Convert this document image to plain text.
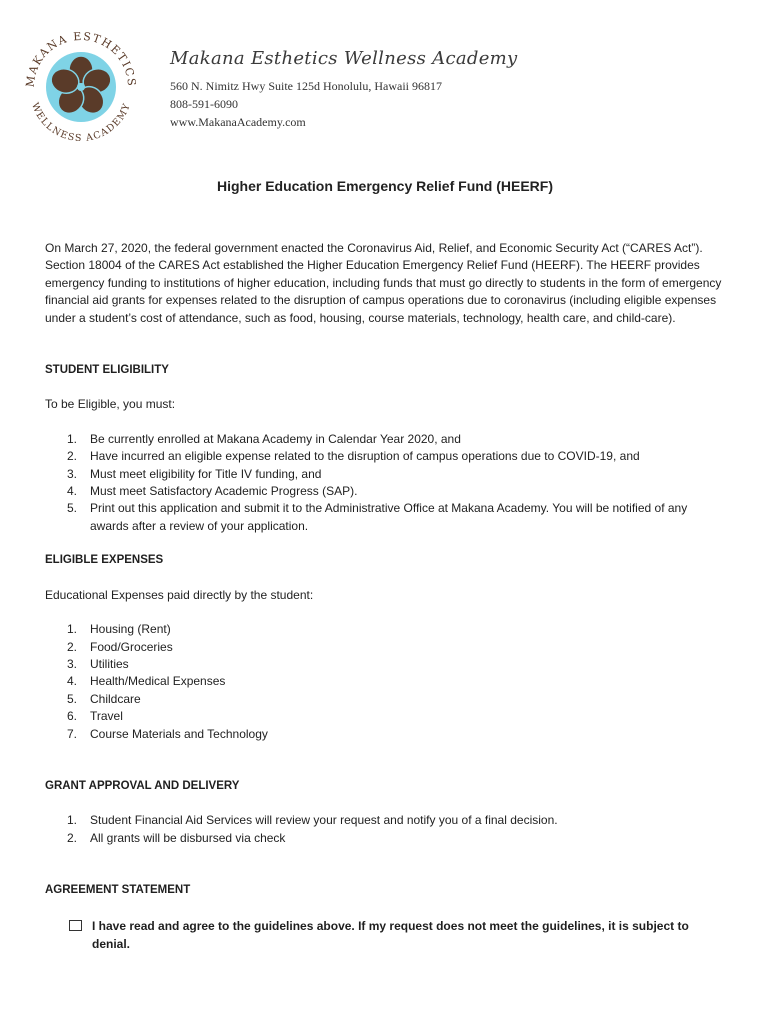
MAKANA ESTHETICS
WELLNESS ACADEMY

Makana Esthetics Wellness Academy

560 N. Nimitz Hwy Suite 125d Honolulu, Hawaii 96817

808-591-6090

www.MakanaAcademy.com

Higher Education Emergency Relief Fund (HEERF)

On March 27, 2020, the federal government enacted the Coronavirus Aid, Relief, and Economic Security Act (“CARES Act”). Section 18004 of the CARES Act established the Higher Education Emergency Relief Fund (HEERF). The HEERF provides emergency funding to institutions of higher education, including funds that must go directly to students in the form of emergency financial aid grants for expenses related to the disruption of campus operations due to coronavirus (including eligible expenses under a student’s cost of attendance, such as food, housing, course materials, technology, health care, and child-care).

STUDENT ELIGIBILITY

To be Eligible, you must:

1.	Be currently enrolled at Makana Academy in Calendar Year 2020, and
2.	Have incurred an eligible expense related to the disruption of campus operations due to COVID-19, and
3.	Must meet eligibility for Title IV funding, and
4.	Must meet Satisfactory Academic Progress (SAP).
5.	Print out this application and submit it to the Administrative Office at Makana Academy. You will be notified of any awards after a review of your application.

ELIGIBLE EXPENSES

Educational Expenses paid directly by the student:

1.	Housing (Rent)
2.	Food/Groceries
3.	Utilities
4.	Health/Medical Expenses
5.	Childcare
6.	Travel
7.	Course Materials and Technology

GRANT APPROVAL AND DELIVERY

1.	Student Financial Aid Services will review your request and notify you of a final decision.
2.	All grants will be disbursed via check

AGREEMENT STATEMENT

I have read and agree to the guidelines above. If my request does not meet the guidelines, it is subject to denial.
